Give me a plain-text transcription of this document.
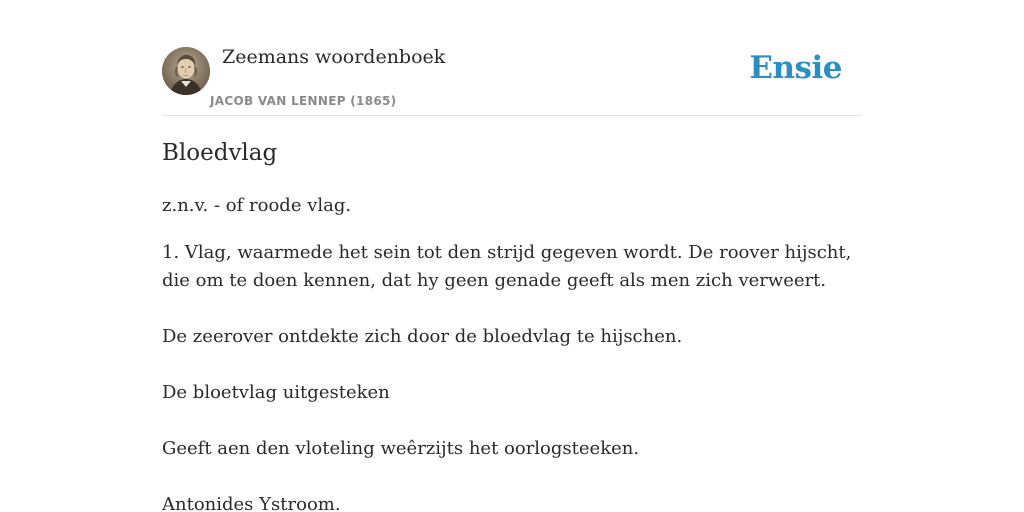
Zeemans woordenboek
JACOB VAN LENNEP (1865)
Ensie
Bloedvlag

z.n.v. - of roode vlag.

1. Vlag, waarmede het sein tot den strijd gegeven wordt. De roover hijscht, die om te doen kennen, dat hy geen genade geeft als men zich verweert.

De zeerover ontdekte zich door de bloedvlag te hijschen.

De bloetvlag uitgesteken

Geeft aen den vloteling weêrzijts het oorlogsteeken.

Antonides Ystroom.
